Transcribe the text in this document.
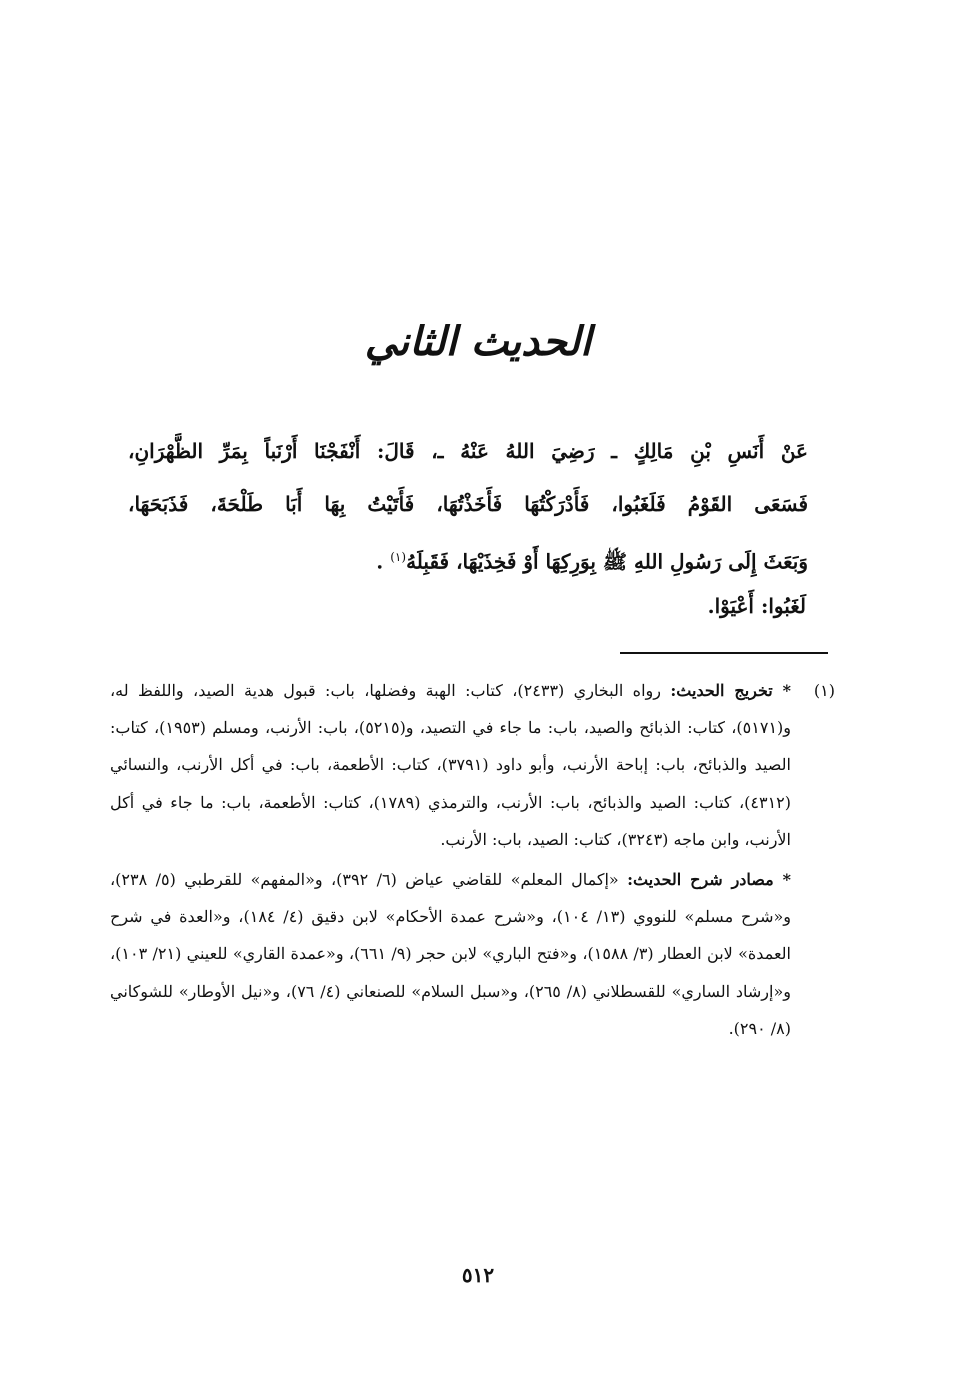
الحديث الثاني
عَنْ أَنَسِ بْنِ مَالِكٍ ـ رَضِيَ اللهُ عَنْهُ ـ، قَالَ: أَنْفَجْنَا أَرْنَباً بِمَرِّ الظَّهْرَانِ،
فَسَعَى القَوْمُ فَلَغَبُوا، فَأَدْرَكْتُهَا فَأَخَذْتُهَا، فَأَتَيْتُ بِهَا أَبَا طَلْحَةَ، فَذَبَحَهَا،
وَبَعَثَ إِلَى رَسُولِ اللهِ ﷺ بِوَرِكِهَا أَوْ فَخِذَيْهَا، فَقَبِلَهُ$^{(١)}$ .
لَغَبُوا: أَعْيَوْا.
(١)
* تخريج الحديث: رواه البخاري (٢٤٣٣)، كتاب: الهبة وفضلها، باب: قبول هدية الصيد، واللفظ له، و(٥١٧١)، كتاب: الذبائح والصيد، باب: ما جاء في التصيد، و(٥٢١٥)، باب: الأرنب، ومسلم (١٩٥٣)، كتاب: الصيد والذبائح، باب: إباحة الأرنب، وأبو داود (٣٧٩١)، كتاب: الأطعمة، باب: في أكل الأرنب، والنسائي (٤٣١٢)، كتاب: الصيد والذبائح، باب: الأرنب، والترمذي (١٧٨٩)، كتاب: الأطعمة، باب: ما جاء في أكل الأرنب، وابن ماجه (٣٢٤٣)، كتاب: الصيد، باب: الأرنب.
* مصادر شرح الحديث: «إكمال المعلم» للقاضي عياض (٦/ ٣٩٢)، و«المفهم» للقرطبي (٥/ ٢٣٨)، و«شرح مسلم» للنووي (١٣/ ١٠٤)، و«شرح عمدة الأحكام» لابن دقيق (٤/ ١٨٤)، و«العدة في شرح العمدة» لابن العطار (٣/ ١٥٨٨)، و«فتح الباري» لابن حجر (٩/ ٦٦١)، و«عمدة القاري» للعيني (٢١/ ١٠٣)، و«إرشاد الساري» للقسطلاني (٨/ ٢٦٥)، و«سبل السلام» للصنعاني (٤/ ٧٦)، و«نيل الأوطار» للشوكاني (٨/ ٢٩٠).
٥١٢
